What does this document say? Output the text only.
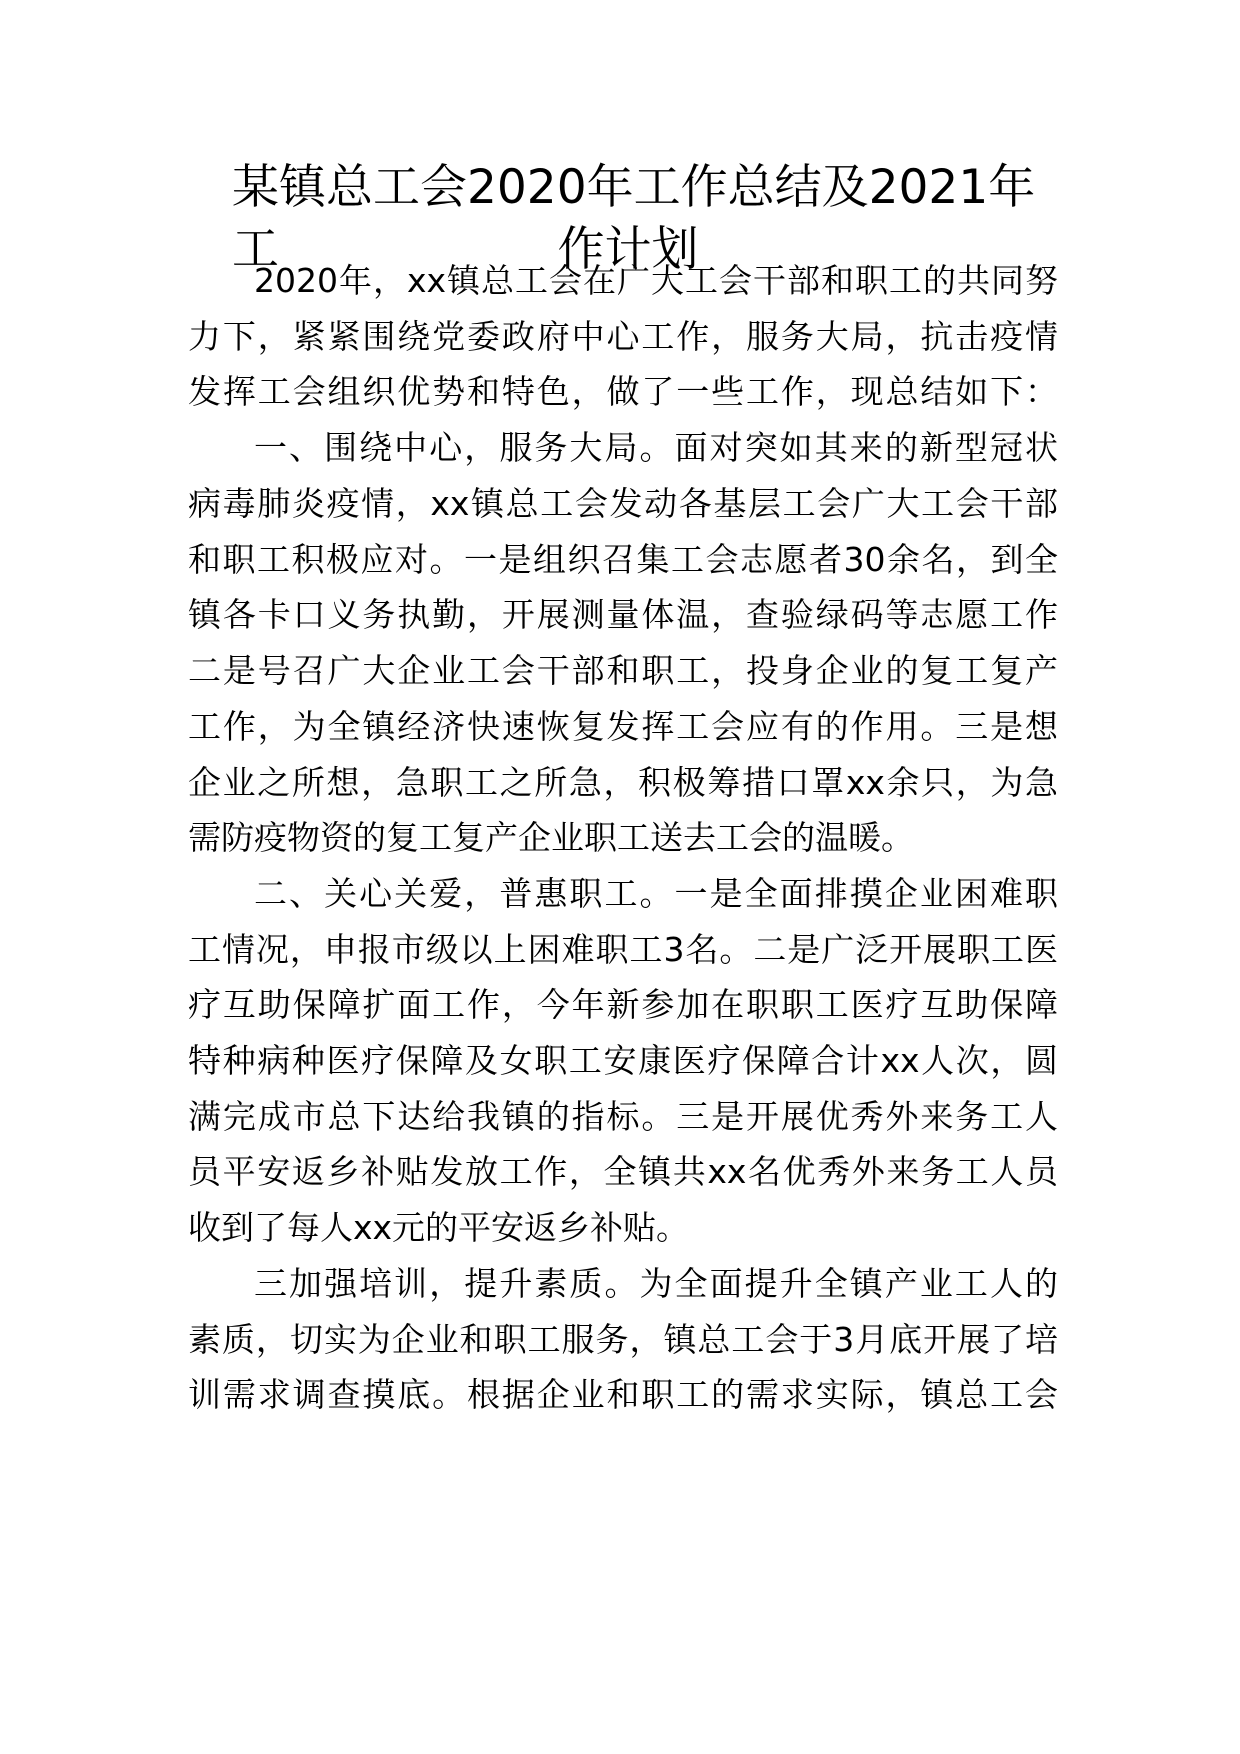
某镇总工会2020年工作总结及2021年工	作计划

2020年，xx镇总工会在广大工会干部和职工的共同努

力下，紧紧围绕党委政府中心工作，服务大局，抗击疫情

发挥工会组织优势和特色，做了一些工作，现总结如下：

一、围绕中心，服务大局。面对突如其来的新型冠状

病毒肺炎疫情，xx镇总工会发动各基层工会广大工会干部

和职工积极应对。一是组织召集工会志愿者30余名，到全

镇各卡口义务执勤，开展测量体温，查验绿码等志愿工作

二是号召广大企业工会干部和职工，投身企业的复工复产

工作，为全镇经济快速恢复发挥工会应有的作用。三是想

企业之所想，急职工之所急，积极筹措口罩xx余只，为急

需防疫物资的复工复产企业职工送去工会的温暖。

二、关心关爱，普惠职工。一是全面排摸企业困难职

工情况，申报市级以上困难职工3名。二是广泛开展职工医

疗互助保障扩面工作，今年新参加在职职工医疗互助保障

特种病种医疗保障及女职工安康医疗保障合计xx人次，圆

满完成市总下达给我镇的指标。三是开展优秀外来务工人

员平安返乡补贴发放工作，全镇共xx名优秀外来务工人员

收到了每人xx元的平安返乡补贴。

三加强培训，提升素质。为全面提升全镇产业工人的

素质，切实为企业和职工服务，镇总工会于3月底开展了培

训需求调查摸底。根据企业和职工的需求实际，镇总工会
